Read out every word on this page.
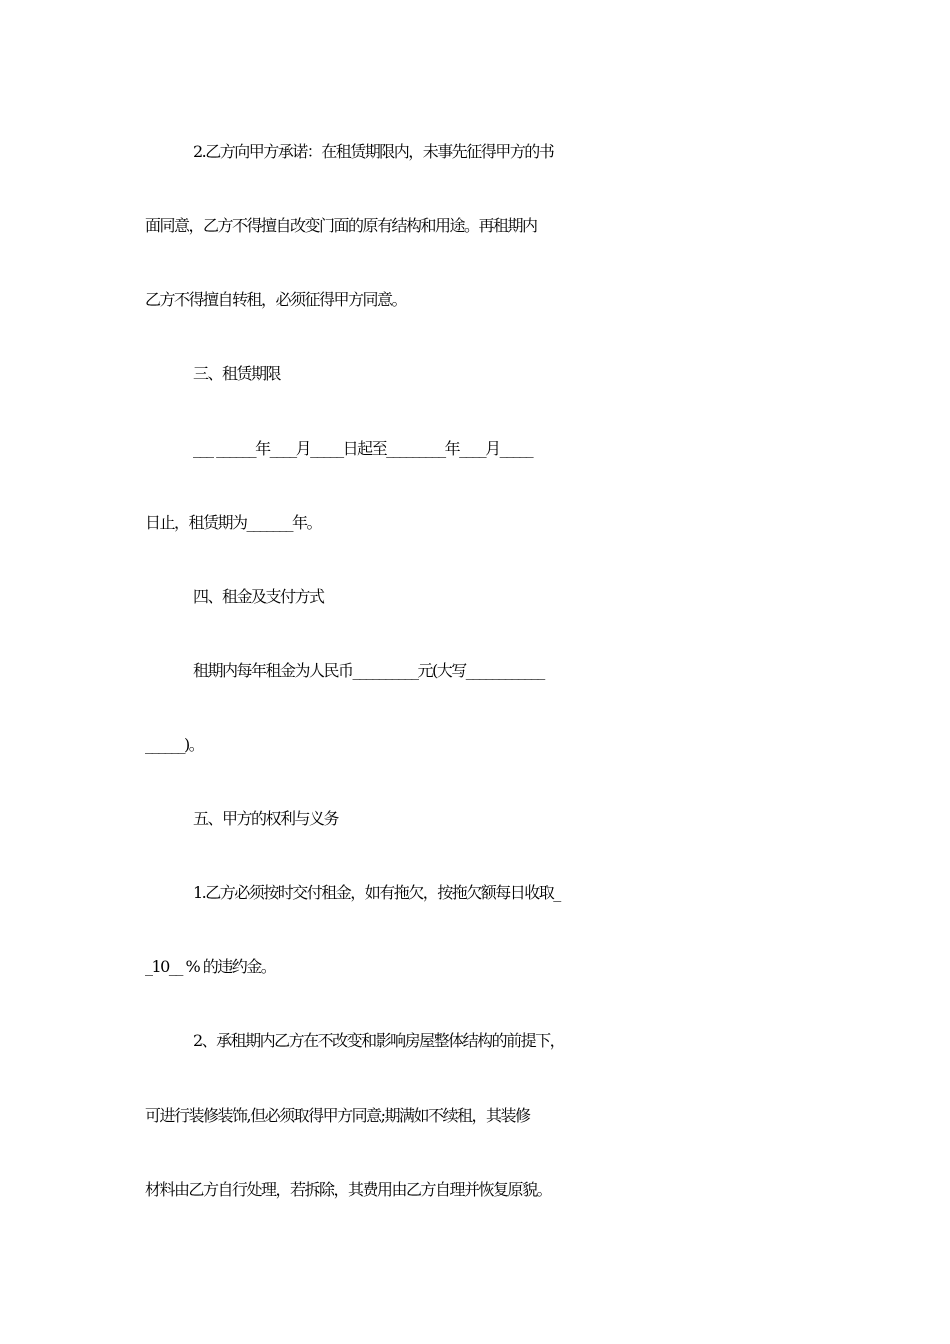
2.乙方向甲方承诺：在租赁期限内，未事先征得甲方的书
面同意，乙方不得擅自改变门面的原有结构和用途。再租期内
乙方不得擅自转租，必须征得甲方同意。
三、租赁期限
___ ______年____月_____日起至_________年____月_____
日止，租赁期为_______年。
四、租金及支付方式
租期内每年租金为人民币__________元(大写____________
______)。
五、甲方的权利与义务
1.乙方必须按时交付租金，如有拖欠，按拖欠额每日收取_
_10__ % 的违约金。
2、承租期内乙方在不改变和影响房屋整体结构的前提下，
可进行装修装饰,但必须取得甲方同意;期满如不续租，其装修
材料由乙方自行处理，若拆除，其费用由乙方自理并恢复原貌。
